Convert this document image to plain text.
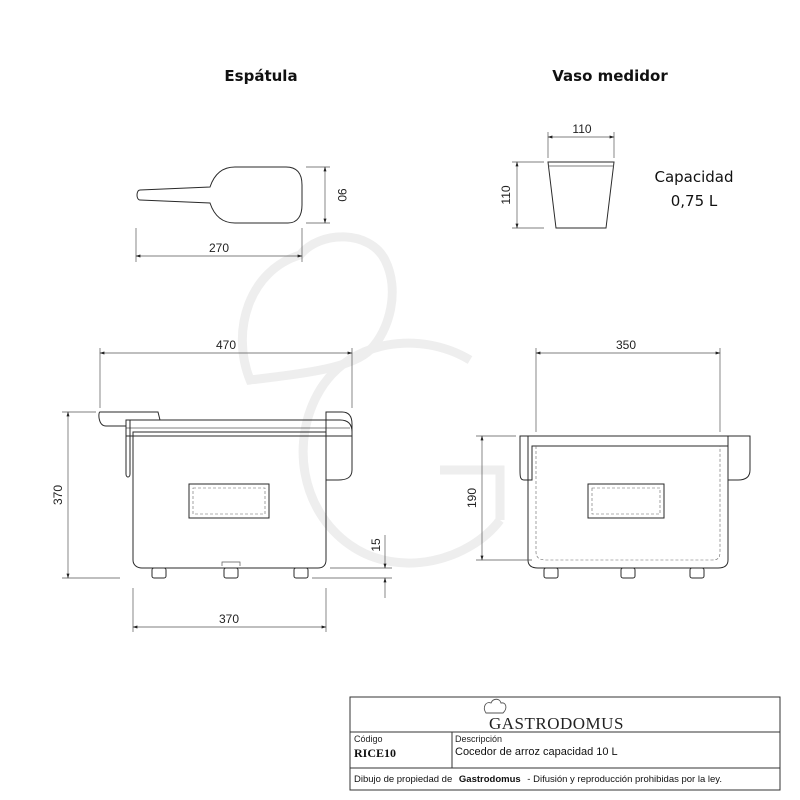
Espátula
270
90
Vaso medidor
110
110
Capacidad
0,75 L
470
370
15
370
350
190
GASTRODOMUS
Código
RICE10
Descripción
Cocedor de arroz capacidad 10 L
Dibujo de propiedad de Gastrodomus - Difusión y reproducción prohibidas por la ley.
